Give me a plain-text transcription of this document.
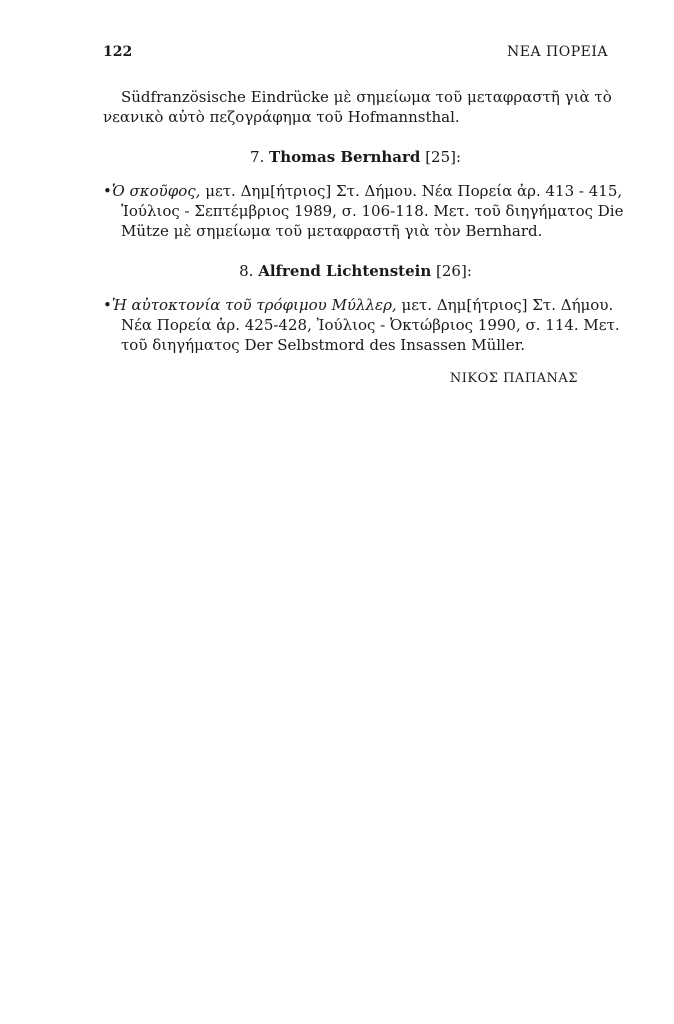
122	ΝΕΑ ΠΟΡΕΙΑ

Südfranzösische Eindrücke μὲ σημείωμα τοῦ μεταφραστῆ γιὰ τὸ
νεανικὸ αὐτὸ πεζογράφημα τοῦ Hofmannsthal.

7. Thomas Bernhard [25]:

•Ὁ σκοῦφος, μετ. Δημ[ήτριος] Στ. Δήμου. Νέα Πορεία ἀρ. 413 - 415,
Ἰούλιος - Σεπτέμβριος 1989, σ. 106-118. Μετ. τοῦ διηγήματος Die
Mütze μὲ σημείωμα τοῦ μεταφραστῆ γιὰ τὸν Bernhard.

8. Alfrend Lichtenstein [26]:

•Ἡ αὐτοκτονία τοῦ τρόφιμου Μύλλερ, μετ. Δημ[ήτριος] Στ. Δήμου.
Νέα Πορεία ἀρ. 425-428, Ἰούλιος - Ὀκτώβριος 1990, σ. 114. Μετ.
τοῦ διηγήματος Der Selbstmord des Insassen Müller.

ΝΙΚΟΣ ΠΑΠΑΝΑΣ
